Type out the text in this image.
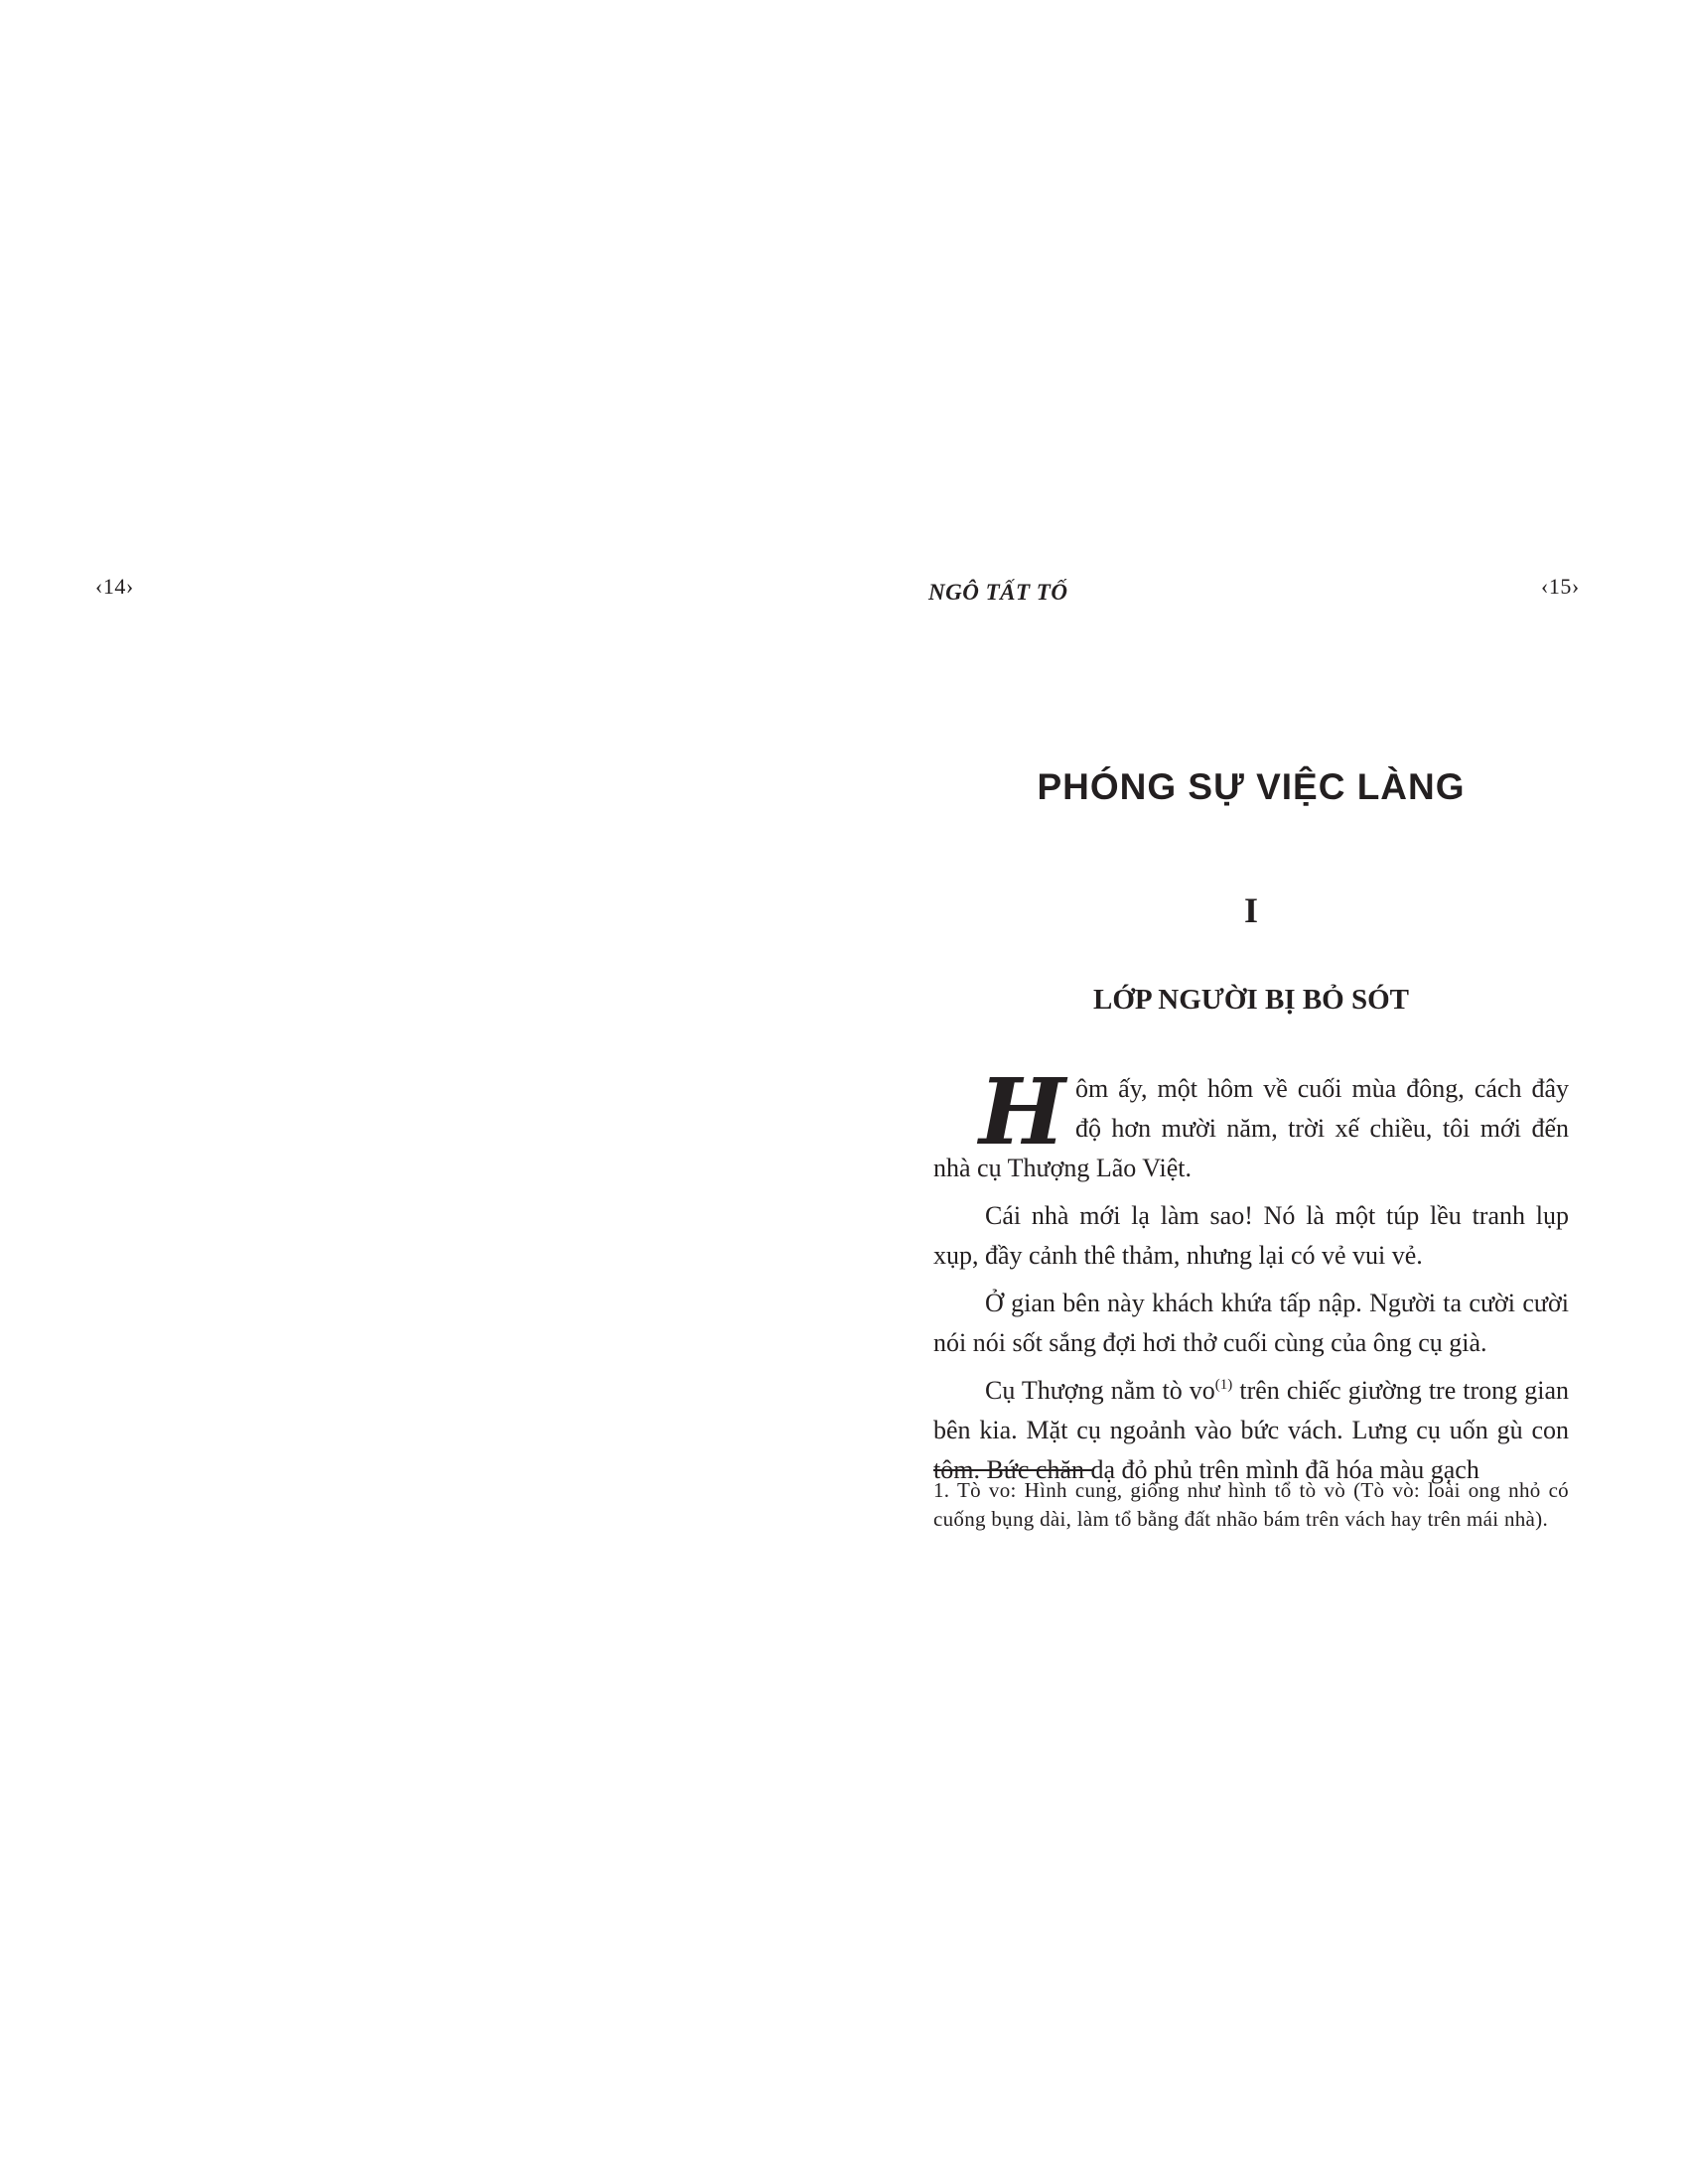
‹14›	NGÔ TẤT TỐ	‹15›
PHÓNG SỰ VIỆC LÀNG
I
LỚP NGƯỜI BỊ BỎ SÓT

Hôm ấy, một hôm về cuối mùa đông, cách đây độ hơn mười năm, trời xế chiều, tôi mới đến nhà cụ Thượng Lão Việt.

Cái nhà mới lạ làm sao! Nó là một túp lều tranh lụp xụp, đầy cảnh thê thảm, nhưng lại có vẻ vui vẻ.

Ở gian bên này khách khứa tấp nập. Người ta cười cười nói nói sốt sắng đợi hơi thở cuối cùng của ông cụ già.

Cụ Thượng nằm tò $vo^{(1)}$ trên chiếc giường tre trong gian bên kia. Mặt cụ ngoảnh vào bức vách. Lưng cụ uốn gù con tôm. Bức chăn dạ đỏ phủ trên mình đã hóa màu gạch

1. Tò vo: Hình cung, giống như hình tổ tò vò (Tò vò: loài ong nhỏ có cuống bụng dài, làm tổ bằng đất nhão bám trên vách hay trên mái nhà).
